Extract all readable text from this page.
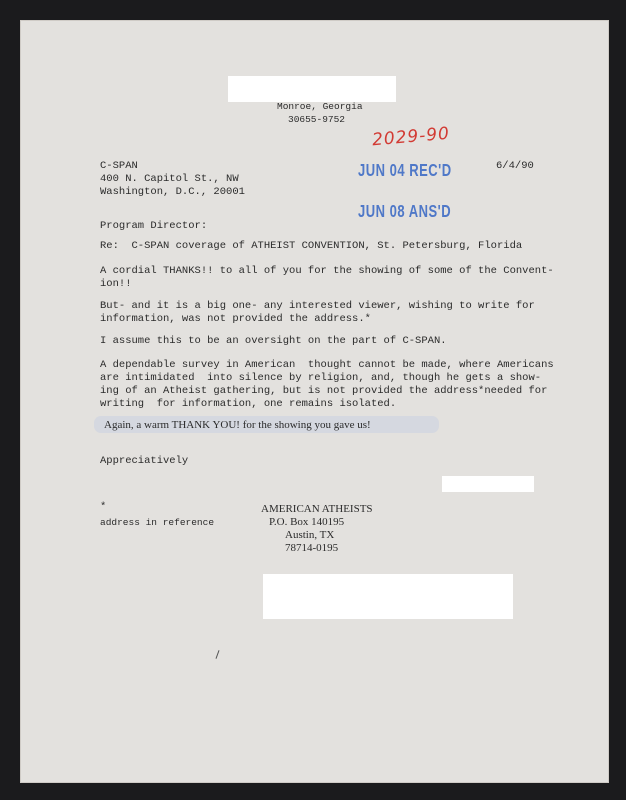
Monroe, Georgia
30655-9752
2029-90
C-SPAN
400 N. Capitol St., NW
Washington, D.C., 20001
6/4/90
JUN 04 REC'D
JUN 08 ANS'D
Program Director:
Re:  C-SPAN coverage of ATHEIST CONVENTION, St. Petersburg, Florida
A cordial THANKS!! to all of you for the showing of some of the Convent-
ion!!
But- and it is a big one- any interested viewer, wishing to write for
information, was not provided the address.*
I assume this to be an oversight on the part of C-SPAN.
A dependable survey in American  thought cannot be made, where Americans
are intimidated  into silence by religion, and, though he gets a show-
ing of an Atheist gathering, but is not provided the address*needed for
writing  for information, one remains isolated.
Again, a warm THANK YOU! for the showing you gave us!
Appreciatively
*
address in reference
AMERICAN ATHEISTS
P.O. Box 140195
Austin, TX
78714-0195
